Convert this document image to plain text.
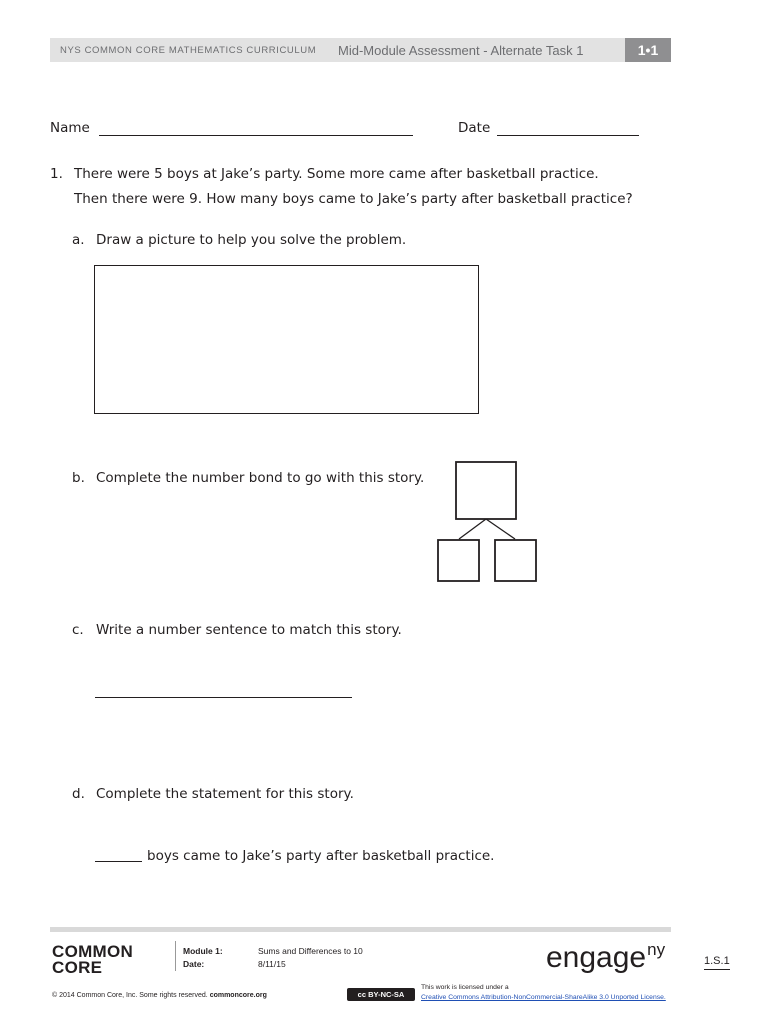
NYS COMMON CORE MATHEMATICS CURRICULUM Mid-Module Assessment - Alternate Task 1	1•1
Name	Date
1. There were 5 boys at Jake’s party. Some more came after basketball practice.
Then there were 9. How many boys came to Jake’s party after basketball practice?
a. Draw a picture to help you solve the problem.
b. Complete the number bond to go with this story.
c. Write a number sentence to match this story.
d. Complete the statement for this story.
boys came to Jake’s party after basketball practice.
COMMON
CORE
Module 1:	Sums and Differences to 10
Date:	8/11/15	engage$^{ny}$
1.S.1
© 2014 Common Core, Inc. Some rights reserved. commoncore.org	cc BY-NC-SA
This work is licensed under a
Creative Commons Attribution-NonCommercial-ShareAlike 3.0 Unported License.
